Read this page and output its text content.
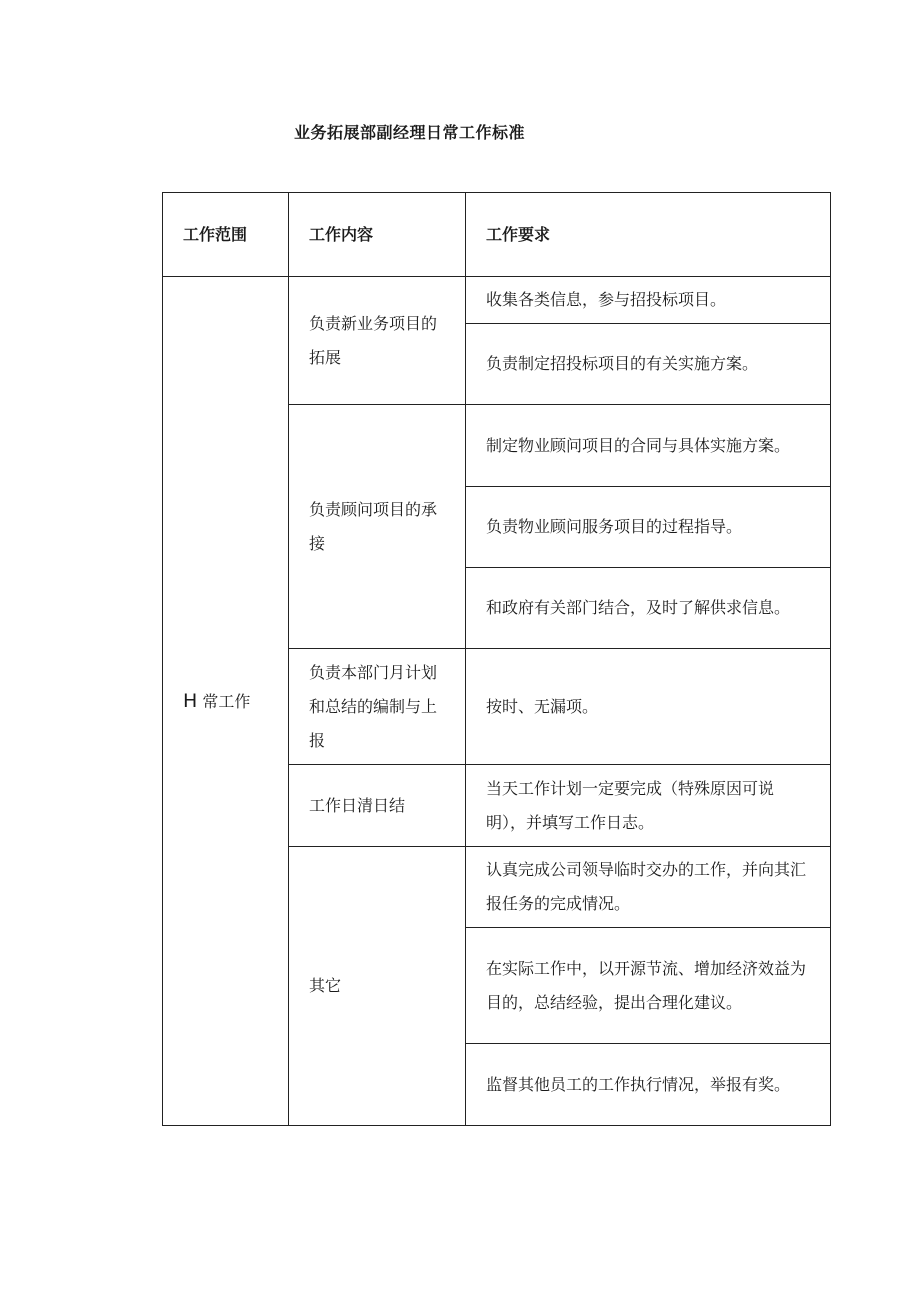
业务拓展部副经理日常工作标准
工作范围	工作内容	工作要求
H 常工作	负责新业务项目的拓展	收集各类信息，参与招投标项目。
		负责制定招投标项目的有关实施方案。
	负责顾问项目的承接	制定物业顾问项目的合同与具体实施方案。
		负责物业顾问服务项目的过程指导。
		和政府有关部门结合，及时了解供求信息。
	负责本部门月计划和总结的编制与上报	按时、无漏项。
	工作日清日结	当天工作计划一定要完成（特殊原因可说明），并填写工作日志。
	其它	认真完成公司领导临时交办的工作，并向其汇报任务的完成情况。
		在实际工作中，以开源节流、增加经济效益为目的，总结经验，提出合理化建议。
		监督其他员工的工作执行情况，举报有奖。
